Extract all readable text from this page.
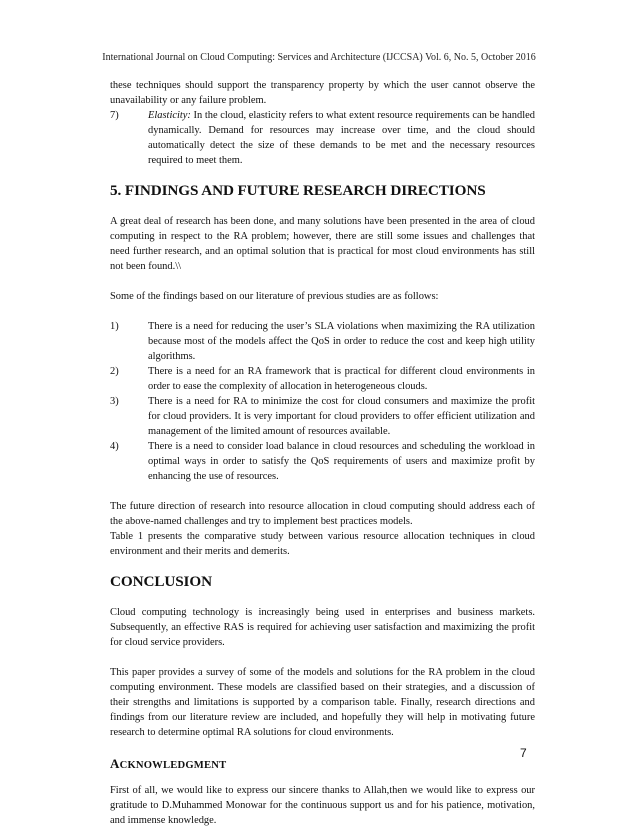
International Journal on Cloud Computing: Services and Architecture (IJCCSA) Vol. 6, No. 5, October 2016

these techniques should support the transparency property by which the user cannot observe the unavailability or any failure problem.

7)	Elasticity: In the cloud, elasticity refers to what extent resource requirements can be handled dynamically. Demand for resources may increase over time, and the cloud should automatically detect the size of these demands to be met and the necessary resources required to meet them.
5. FINDINGS AND FUTURE RESEARCH DIRECTIONS

A great deal of research has been done, and many solutions have been presented in the area of cloud computing in respect to the RA problem; however, there are still some issues and challenges that need further research, and an optimal solution that is practical for most cloud environments has still not been found.\\

Some of the findings based on our literature of previous studies are as follows:

1)	There is a need for reducing the user’s SLA violations when maximizing the RA utilization because most of the models affect the QoS in order to reduce the cost and keep high utility algorithms.
2)	There is a need for an RA framework that is practical for different cloud environments in order to ease the complexity of allocation in heterogeneous clouds.
3)	There is a need for RA to minimize the cost for cloud consumers and maximize the profit for cloud providers. It is very important for cloud providers to offer efficient utilization and management of the limited amount of resources available.
4)	There is a need to consider load balance in cloud resources and scheduling the workload in optimal ways in order to satisfy the QoS requirements of users and maximize profit by enhancing the use of resources.

The future direction of research into resource allocation in cloud computing should address each of the above-named challenges and try to implement best practices models.

Table 1 presents the comparative study between various resource allocation techniques in cloud environment and their merits and demerits.

CONCLUSION

Cloud computing technology is increasingly being used in enterprises and business markets. Subsequently, an effective RAS is required for achieving user satisfaction and maximizing the profit for cloud service providers.

This paper provides a survey of some of the models and solutions for the RA problem in the cloud computing environment. These models are classified based on their strategies, and a discussion of their strengths and limitations is supported by a comparison table. Finally, research directions and findings from our literature review are included, and hopefully they will help in motivating future research to determine optimal RA solutions for cloud environments.

ACKNOWLEDGMENT

First of all, we would like to express our sincere thanks to Allah,then we would like to express our gratitude to D.Muhammed Monowar for the continuous support us and for his patience, motivation, and immense knowledge.

7
